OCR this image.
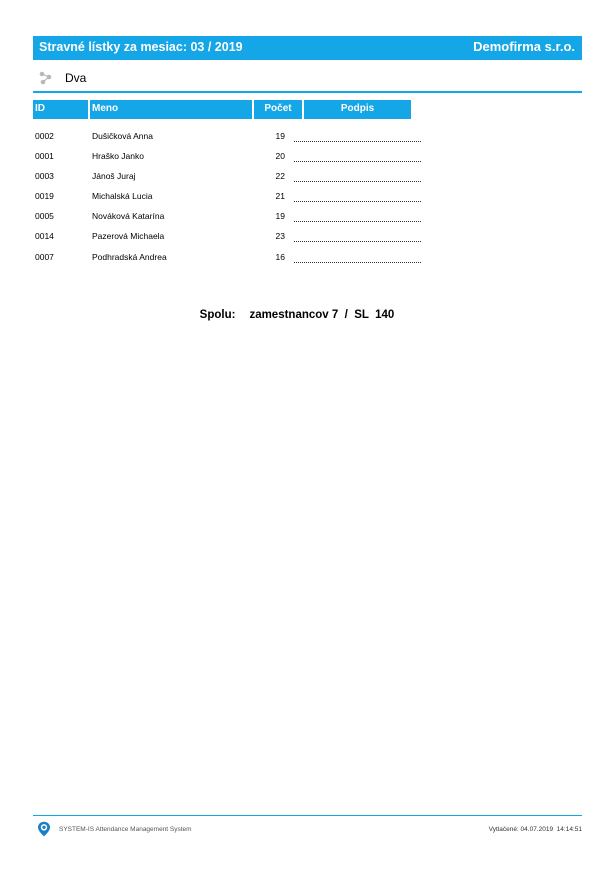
Stravné lístky za mesiac: 03 / 2019	Demofirma s.r.o.
Dva
ID	Meno	Počet	Podpis
0002	Dušičková Anna	19
0001	Hraško Janko	20
0003	Jánoš Juraj	22
0019	Michalská Lucia	21
0005	Nováková Katarína	19
0014	Pazerová Michaela	23
0007	Podhradská Andrea	16
Spolu: zamestnancov 7  /  SL  140
SYSTEM-IS Attendance Management System	Vytlačené: 04.07.2019  14:14:51
